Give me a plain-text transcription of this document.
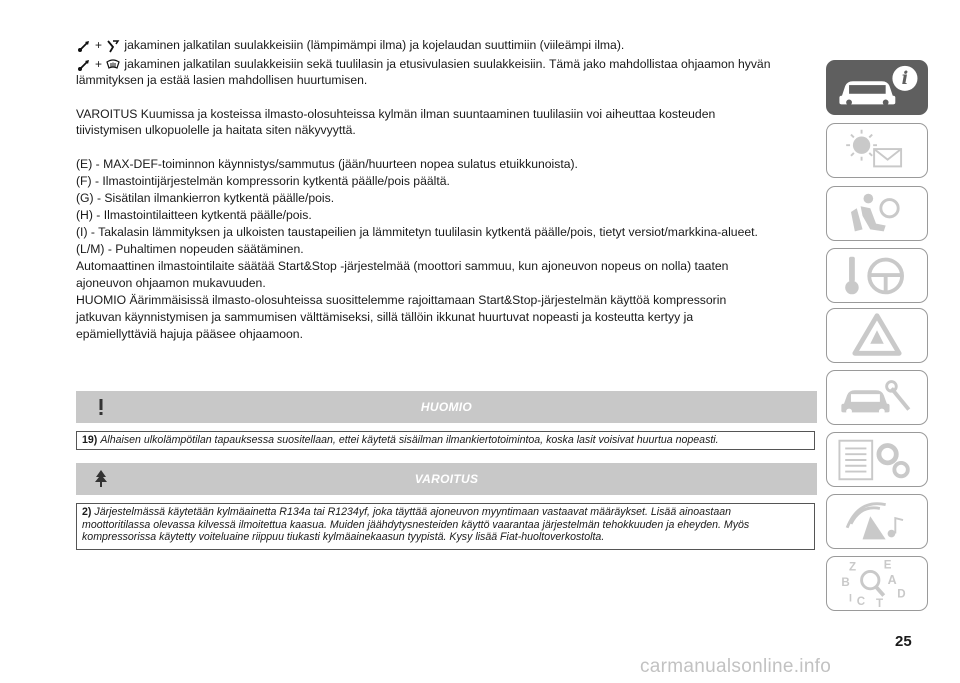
+ jakaminen jalkatilan suulakkeisiin (lämpimämpi ilma) ja kojelaudan suuttimiin (viileämpi ilma).
+ jakaminen jalkatilan suulakkeisiin sekä tuulilasin ja etusivulasien suulakkeisiin. Tämä jako mahdollistaa ohjaamon hyvän
lämmityksen ja estää lasien mahdollisen huurtumisen.
VAROITUS Kuumissa ja kosteissa ilmasto-olosuhteissa kylmän ilman suuntaaminen tuulilasiin voi aiheuttaa kosteuden
tiivistymisen ulkopuolelle ja haitata siten näkyvyyttä.
(E) - MAX-DEF-toiminnon käynnistys/sammutus (jään/huurteen nopea sulatus etuikkunoista).
(F) - Ilmastointijärjestelmän kompressorin kytkentä päälle/pois päältä.
(G) - Sisätilan ilmankierron kytkentä päälle/pois.
(H) - Ilmastointilaitteen kytkentä päälle/pois.
(I) - Takalasin lämmityksen ja ulkoisten taustapeilien ja lämmitetyn tuulilasin kytkentä päälle/pois, tietyt versiot/markkina-alueet.
(L/M) - Puhaltimen nopeuden säätäminen.
Automaattinen ilmastointilaite säätää Start&Stop -järjestelmää (moottori sammuu, kun ajoneuvon nopeus on nolla) taaten
ajoneuvon ohjaamon mukavuuden.
HUOMIO Äärimmäisissä ilmasto-olosuhteissa suosittelemme rajoittamaan Start&Stop-järjestelmän käyttöä kompressorin
jatkuvan käynnistymisen ja sammumisen välttämiseksi, sillä tällöin ikkunat huurtuvat nopeasti ja kosteutta kertyy ja
epämiellyttäviä hajuja pääsee ohjaamoon.
HUOMIO
19) Alhaisen ulkolämpötilan tapauksessa suositellaan, ettei käytetä sisäilman ilmankiertotoimintoa, koska lasit voisivat huurtua nopeasti.
VAROITUS
2) Järjestelmässä käytetään kylmäainetta R134a tai R1234yf, joka täyttää ajoneuvon myyntimaan vastaavat määräykset. Lisää ainoastaan
moottoritilassa olevassa kilvessä ilmoitettua kaasua. Muiden jäähdytysnesteiden käyttö vaarantaa järjestelmän tehokkuuden ja eheyden. Myös
kompressorissa käytetty voiteluaine riippuu tiukasti kylmäainekaasun tyypistä. Kysy lisää Fiat-huoltoverkostolta.
i
Z E
A
B
C T
D
I
25
carmanualsonline.info
